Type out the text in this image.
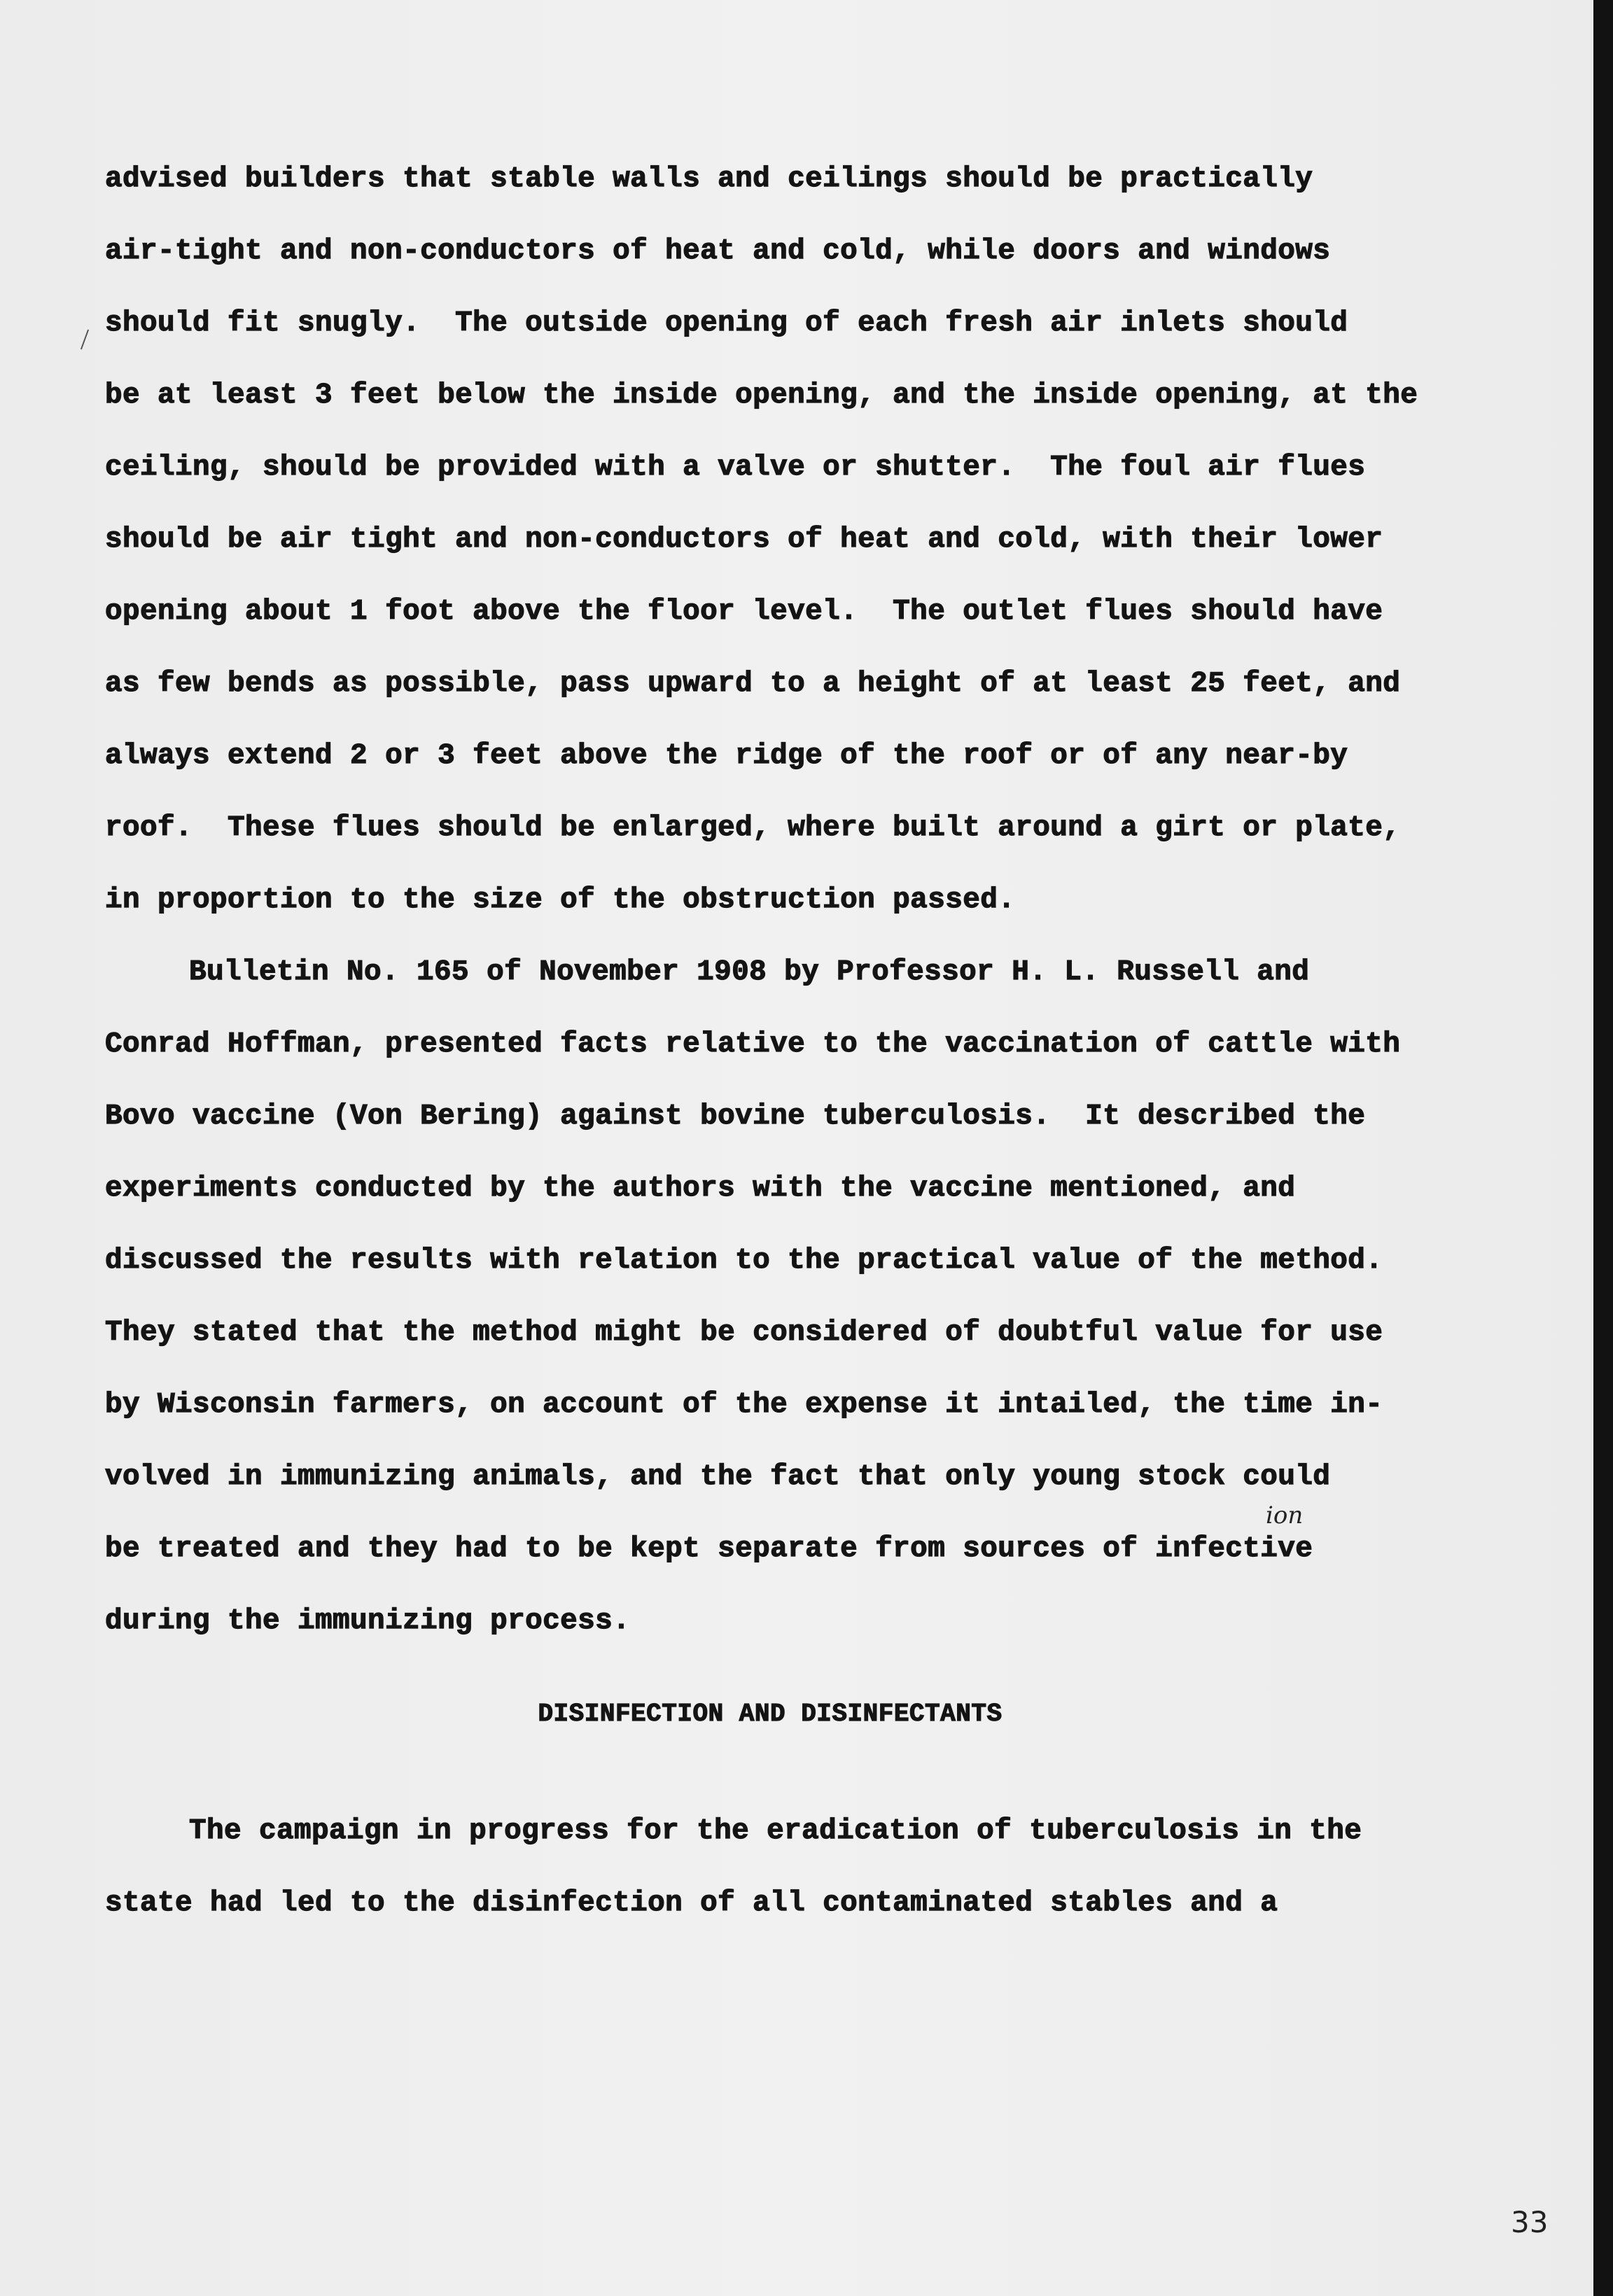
advised builders that stable walls and ceilings should be practically
air-tight and non-conductors of heat and cold, while doors and windows
should fit snugly.  The outside opening of each fresh air inlets should
be at least 3 feet below the inside opening, and the inside opening, at the
ceiling, should be provided with a valve or shutter.  The foul air flues
should be air tight and non-conductors of heat and cold, with their lower
opening about 1 foot above the floor level.  The outlet flues should have
as few bends as possible, pass upward to a height of at least 25 feet, and
always extend 2 or 3 feet above the ridge of the roof or of any near-by
roof.  These flues should be enlarged, where built around a girt or plate,
in proportion to the size of the obstruction passed.
Bulletin No. 165 of November 1908 by Professor H. L. Russell and
Conrad Hoffman, presented facts relative to the vaccination of cattle with
Bovo vaccine (Von Bering) against bovine tuberculosis.  It described the
experiments conducted by the authors with the vaccine mentioned, and
discussed the results with relation to the practical value of the method.
They stated that the method might be considered of doubtful value for use
by Wisconsin farmers, on account of the expense it intailed, the time in-
volved in immunizing animals, and the fact that only young stock could
be treated and they had to be kept separate from sources of infective
during the immunizing process.
ion
DISINFECTION AND DISINFECTANTS
The campaign in progress for the eradication of tuberculosis in the
state had led to the disinfection of all contaminated stables and a
33
